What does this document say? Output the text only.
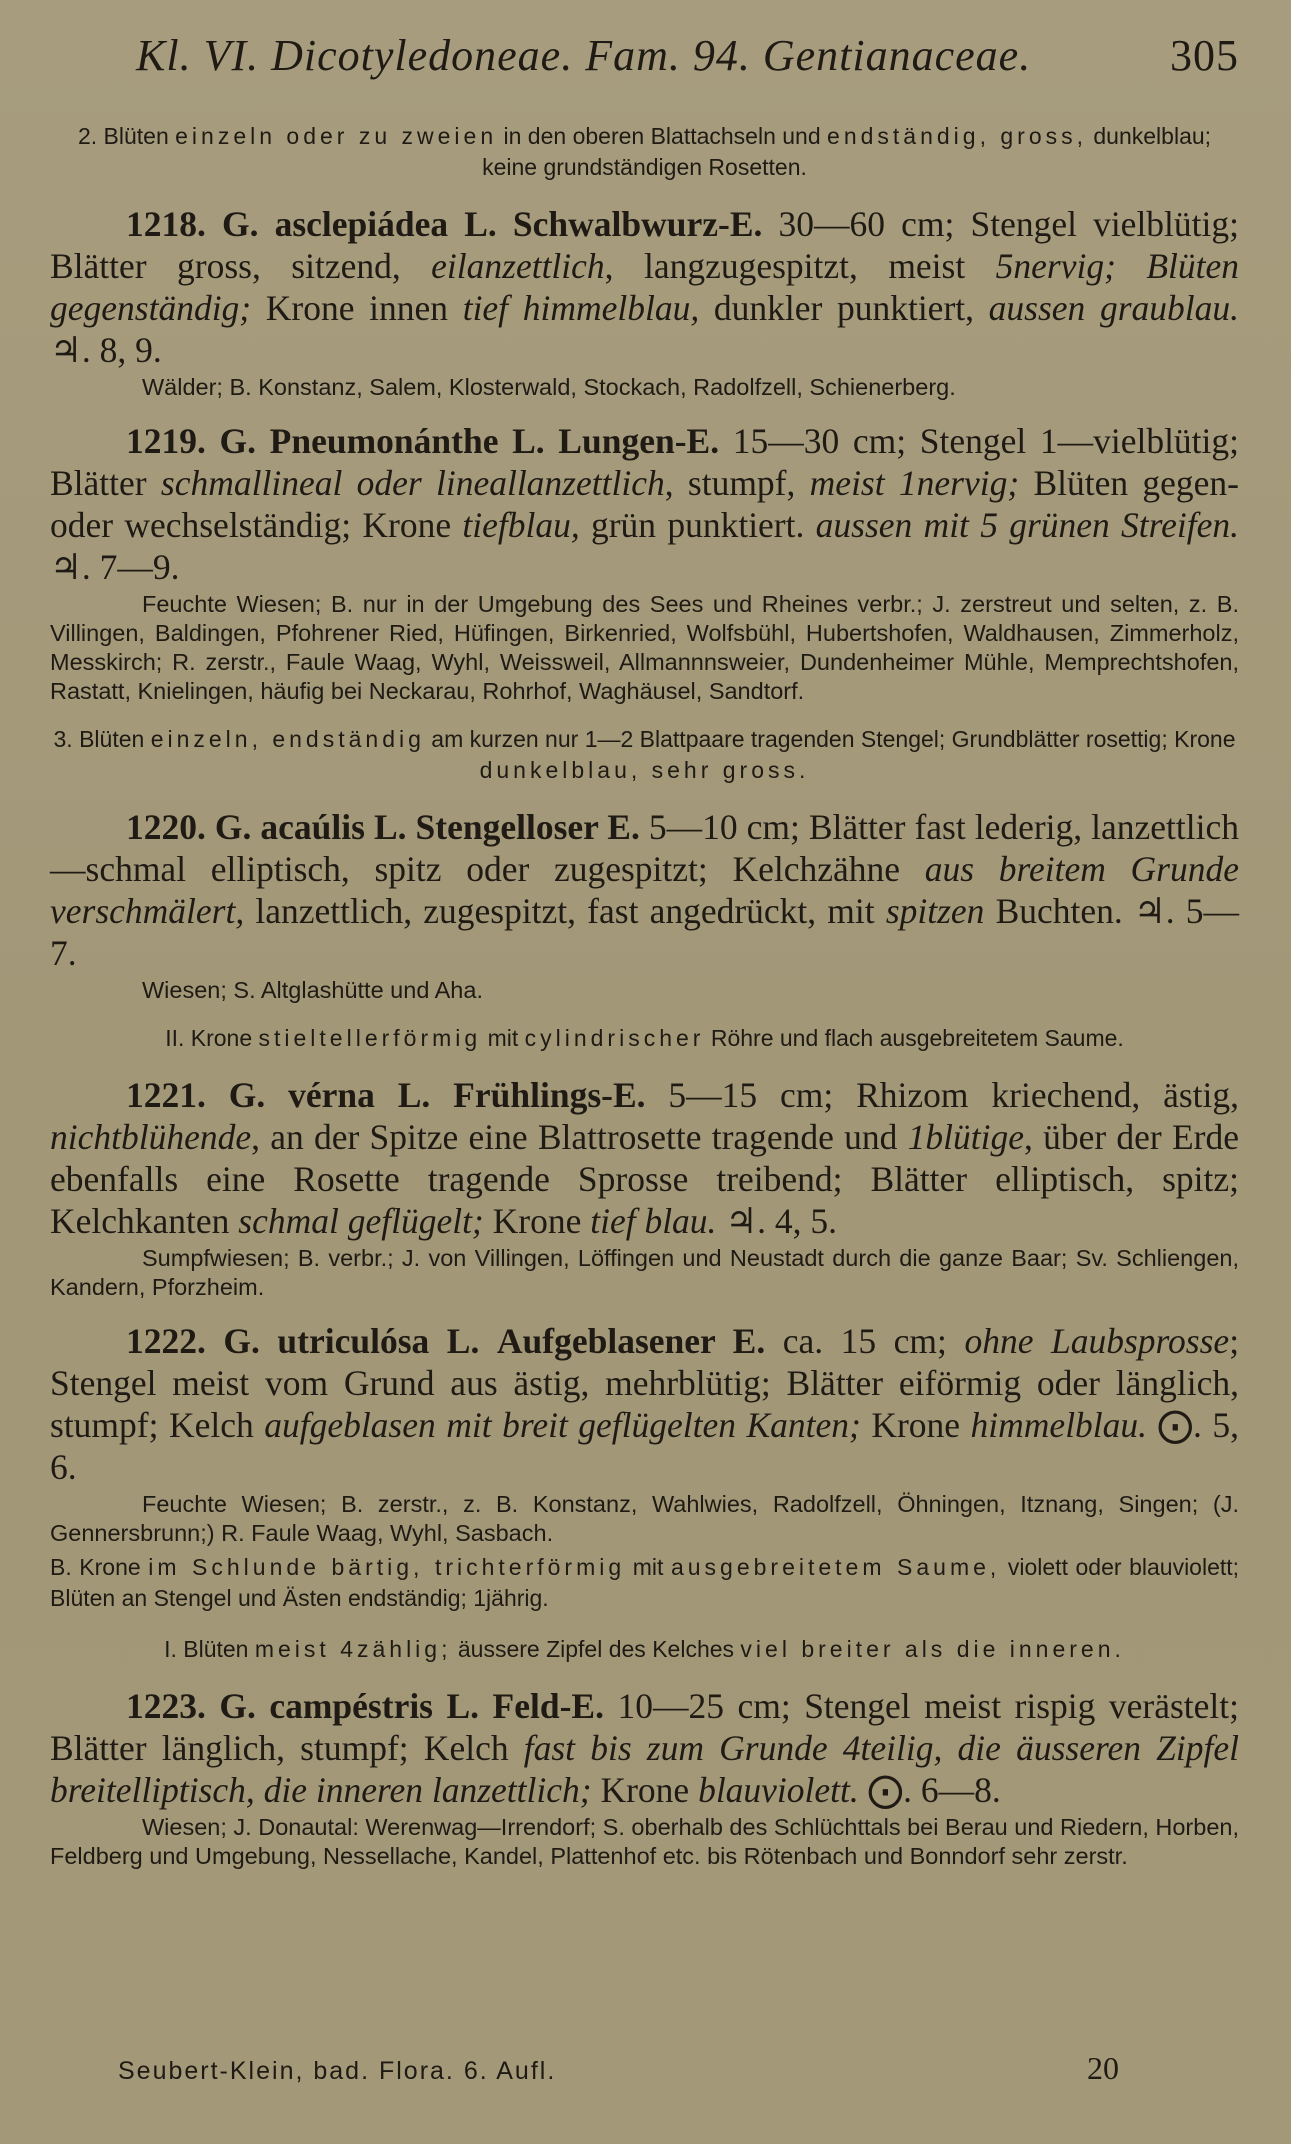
Kl. VI. Dicotyledoneae. Fam. 94. Gentianaceae.	305

2. Blüten einzeln oder zu zweien in den oberen Blattachseln und endständig, gross, dunkelblau; keine grundständigen Rosetten.

1218. G. asclepiádea L. Schwalbwurz-E. 30—60 cm; Stengel vielblütig; Blätter gross, sitzend, eilanzettlich, langzugespitzt, meist 5nervig; Blüten gegenständig; Krone innen tief himmelblau, dunkler punktiert, aussen graublau. ♃. 8, 9.

Wälder; B. Konstanz, Salem, Klosterwald, Stockach, Radolfzell, Schienerberg.

1219. G. Pneumonánthe L. Lungen-E. 15—30 cm; Stengel 1—vielblütig; Blätter schmallineal oder lineallanzettlich, stumpf, meist 1nervig; Blüten gegen- oder wechselständig; Krone tiefblau, grün punktiert. aussen mit 5 grünen Streifen. ♃. 7—9.

Feuchte Wiesen; B. nur in der Umgebung des Sees und Rheines verbr.; J. zerstreut und selten, z. B. Villingen, Baldingen, Pfohrener Ried, Hüfingen, Birkenried, Wolfsbühl, Hubertshofen, Waldhausen, Zimmerholz, Messkirch; R. zerstr., Faule Waag, Wyhl, Weissweil, Allmannnsweier, Dundenheimer Mühle, Memprechtshofen, Rastatt, Knielingen, häufig bei Neckarau, Rohrhof, Waghäusel, Sandtorf.

3. Blüten einzeln, endständig am kurzen nur 1—2 Blattpaare tragenden Stengel; Grundblätter rosettig; Krone dunkelblau, sehr gross.

1220. G. acaúlis L. Stengelloser E. 5—10 cm; Blätter fast lederig, lanzettlich—schmal elliptisch, spitz oder zugespitzt; Kelchzähne aus breitem Grunde verschmälert, lanzettlich, zugespitzt, fast angedrückt, mit spitzen Buchten. ♃. 5—7.

Wiesen; S. Altglashütte und Aha.

II. Krone stieltellerförmig mit cylindrischer Röhre und flach ausgebreitetem Saume.

1221. G. vérna L. Frühlings-E. 5—15 cm; Rhizom kriechend, ästig, nichtblühende, an der Spitze eine Blattrosette tragende und 1blütige, über der Erde ebenfalls eine Rosette tragende Sprosse treibend; Blätter elliptisch, spitz; Kelchkanten schmal geflügelt; Krone tief blau. ♃. 4, 5.

Sumpfwiesen; B. verbr.; J. von Villingen, Löffingen und Neustadt durch die ganze Baar; Sv. Schliengen, Kandern, Pforzheim.

1222. G. utriculósa L. Aufgeblasener E. ca. 15 cm; ohne Laubsprosse; Stengel meist vom Grund aus ästig, mehrblütig; Blätter eiförmig oder länglich, stumpf; Kelch aufgeblasen mit breit geflügelten Kanten; Krone himmelblau. ⨀. 5, 6.

Feuchte Wiesen; B. zerstr., z. B. Konstanz, Wahlwies, Radolfzell, Öhningen, Itznang, Singen; (J. Gennersbrunn;) R. Faule Waag, Wyhl, Sasbach.

B. Krone im Schlunde bärtig, trichterförmig mit ausgebreitetem Saume, violett oder blauviolett; Blüten an Stengel und Ästen endständig; 1jährig.

I. Blüten meist 4zählig; äussere Zipfel des Kelches viel breiter als die inneren.

1223. G. campéstris L. Feld-E. 10—25 cm; Stengel meist rispig verästelt; Blätter länglich, stumpf; Kelch fast bis zum Grunde 4teilig, die äusseren Zipfel breitelliptisch, die inneren lanzettlich; Krone blauviolett. ⨀. 6—8.

Wiesen; J. Donautal: Werenwag—Irrendorf; S. oberhalb des Schlüchttals bei Berau und Riedern, Horben, Feldberg und Umgebung, Nessellache, Kandel, Plattenhof etc. bis Rötenbach und Bonndorf sehr zerstr.

Seubert-Klein, bad. Flora. 6. Aufl.	20
